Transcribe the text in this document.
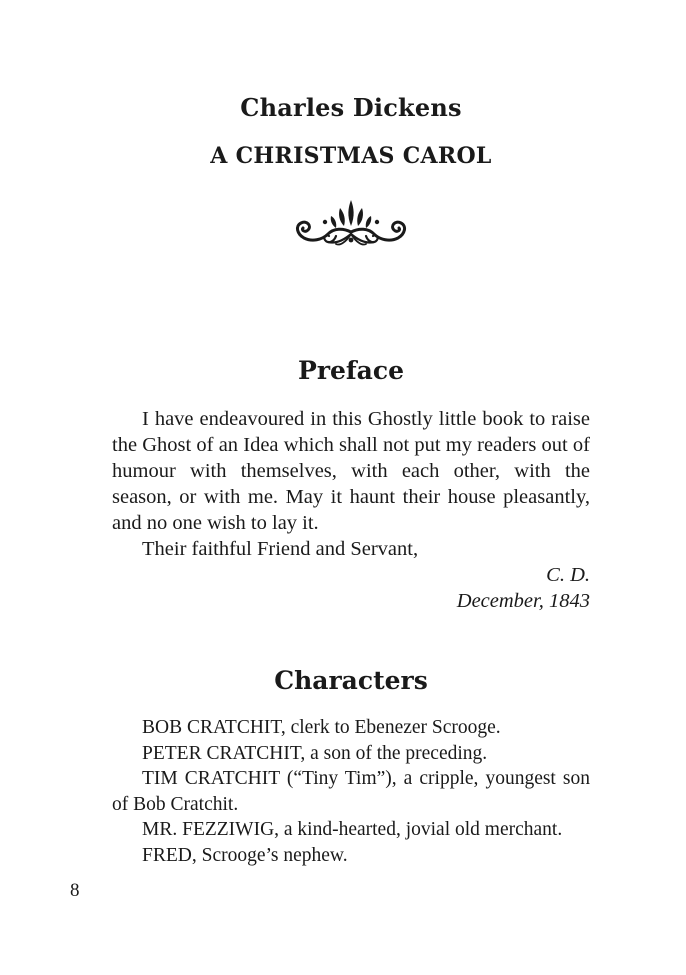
Charles Dickens
A CHRISTMAS CAROL
Preface

I have endeavoured in this Ghostly little book to raise the Ghost of an Idea which shall not put my readers out of humour with themselves, with each other, with the season, or with me. May it haunt their house pleasantly, and no one wish to lay it.

Their faithful Friend and Servant,

C. D.

December, 1843

Characters

BOB CRATCHIT, clerk to Ebenezer Scrooge.

PETER CRATCHIT, a son of the preceding.

TIM CRATCHIT (“Tiny Tim”), a cripple, youngest son of Bob Cratchit.

MR. FEZZIWIG, a kind-hearted, jovial old merchant.

FRED, Scrooge’s nephew.

8
